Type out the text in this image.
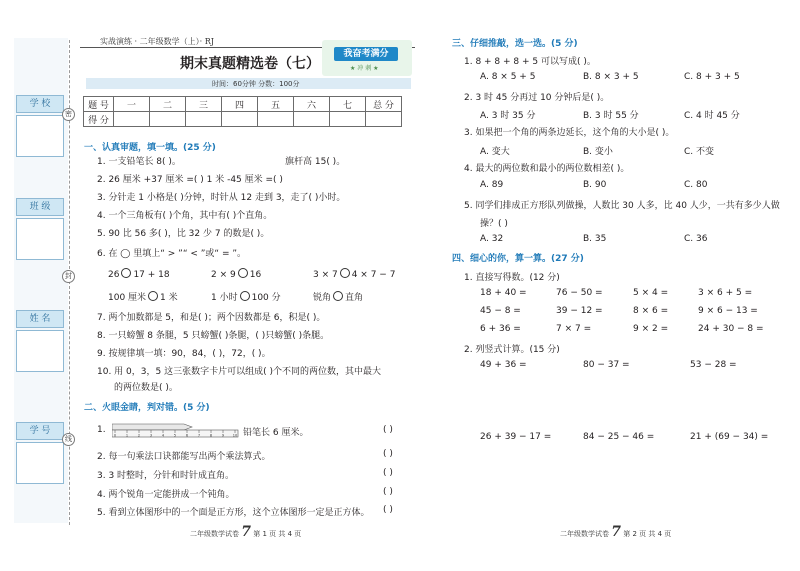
学 校
班 级
姓 名
学 号
密
封
线
实战演练 · 二年级数学（上）· RJ
期末真题精选卷（七）
我奋考满分
★ 冲 刺 ★
时间：60分钟 分数：100分
题 号	一	二	三	四	五	六	七	总 分
得 分								
一、认真审题，填一填。(25 分)
1. 一支铅笔长 8( )。	旗杆高 15( )。
2. 26 厘米 +37 厘米 =( ) 1 米 -45 厘米 =( )
3. 分针走 1 小格是( )分钟，时针从 12 走到 3，走了( )小时。
4. 一个三角板有( )个角，其中有( )个直角。
5. 90 比 56 多( )，比 32 少 7 的数是( )。
6. 在 ◯ 里填上“ > ”“ < ”或“ = ”。
26 17 + 18	2 × 9 16	3 × 7 4 × 7 − 7
100 厘米 1 米	1 小时 100 分	锐角 直角
7. 两个加数都是 5，和是( )；两个因数都是 6，积是( )。
8. 一只螃蟹 8 条腿，5 只螃蟹( )条腿，( )只螃蟹( )条腿。
9. 按规律填一填：90，84，( )，72，( )。
10. 用 0，3，5 这三张数字卡片可以组成( )个不同的两位数，其中最大
的两位数是( )。
二、火眼金睛，判对错。(5 分)
1.
0	1	2	3	4	5	6	7	8	9 10 铅笔长 6 厘米。	( )
2. 每一句乘法口诀都能写出两个乘法算式。	( )
3. 3 时整时，分针和时针成直角。	( )
4. 两个锐角一定能拼成一个钝角。	( )
5. 看到立体图形中的一个面是正方形，这个立体图形一定是正方体。 ( )
二年级数学试卷 7 第 1 页 共 4 页
三、仔细推敲，选一选。(5 分)
1. 8 + 8 + 8 + 5 可以写成( )。
A. 8 × 5 + 5	B. 8 × 3 + 5	C. 8 + 3 + 5
2. 3 时 45 分再过 10 分钟后是( )。
A. 3 时 35 分	B. 3 时 55 分	C. 4 时 45 分
3. 如果把一个角的两条边延长，这个角的大小是( )。
A. 变大	B. 变小	C. 不变
4. 最大的两位数和最小的两位数相差( )。
A. 89	B. 90	C. 80
5. 同学们排成正方形队列做操，人数比 30 人多，比 40 人少，一共有多少人做
操？( )
A. 32	B. 35	C. 36
四、细心的你，算一算。(27 分)
1. 直接写得数。(12 分)
18 + 40 =	76 − 50 =	5 × 4 =	3 × 6 + 5 =
45 − 8 =	39 − 12 =	8 × 6 =	9 × 6 − 13 =
6 + 36 =	7 × 7 =	9 × 2 =	24 + 30 − 8 =
2. 列竖式计算。(15 分)
49 + 36 =	80 − 37 =	53 − 28 =
26 + 39 − 17 =	84 − 25 − 46 =	21 + (69 − 34) =
二年级数学试卷 7 第 2 页 共 4 页
